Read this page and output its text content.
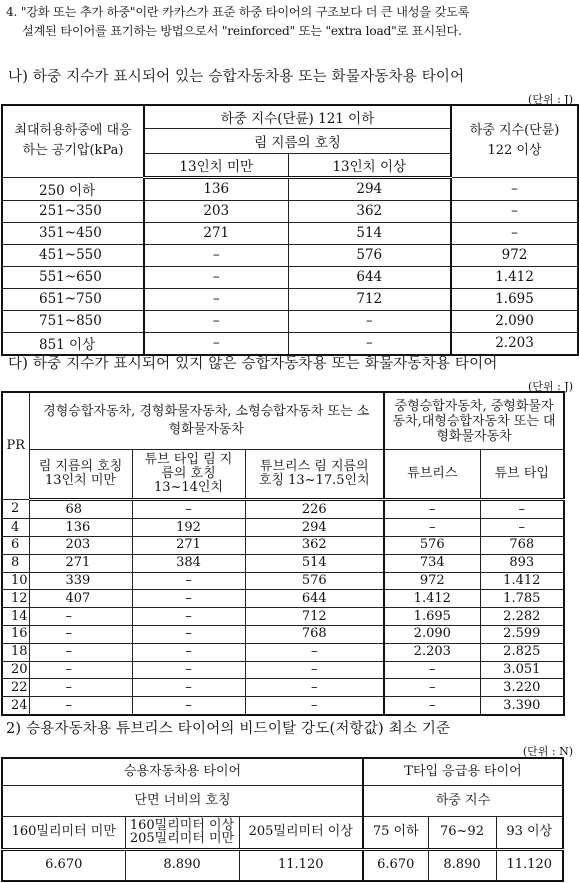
4. "강화 또는 추가 하중"이란 카카스가 표준 하중 타이어의 구조보다 더 큰 내성을 갖도록
설계된 타이어를 표기하는 방법으로서 "reinforced" 또는 "extra load"로 표시된다.
나) 하중 지수가 표시되어 있는 승합자동차용 또는 화물자동차용 타이어
(단위 : J)
최대허용하중에 대응하는 공기압(kPa)	하중 지수(단륜) 121 이하		하중 지수(단륜) 122 이상
	림 지름의 호칭		
	13인치 미만	13인치 이상	
250 이하	136	294	–
251~350	203	362	–
351~450	271	514	–
451~550	–	576	972
551~650	–	644	1.412
651~750	–	712	1.695
751~850	–	–	2.090
851 이상	–	–	2.203
다) 하중 지수가 표시되어 있지 않은 승합자동차용 또는 화물자동차용 타이어
(단위 : J)
PR	경형승합자동차, 경형화물자동차, 소형승합자동차 또는 소형화물자동차			중형승합자동차, 중형화물자동차,대형승합자동차 또는 대형화물자동차	
	림 지름의 호칭 13인치 미만	튜브 타입 림 지름의 호칭 13~14인치	튜브리스 림 지름의 호칭 13~17.5인치	튜브리스	튜브 타입
2	68	–	226	–	–
4	136	192	294	–	–
6	203	271	362	576	768
8	271	384	514	734	893
10	339	–	576	972	1.412
12	407	–	644	1.412	1.785
14	–	–	712	1.695	2.282
16	–	–	768	2.090	2.599
18	–	–	–	2.203	2.825
20	–	–	–	–	3.051
22	–	–	–	–	3.220
24	–	–	–	–	3.390
2) 승용자동차용 튜브리스 타이어의 비드이탈 강도(저항값) 최소 기준
(단위 : N)
승용자동차용 타이어			T타입 응급용 타이어		
단면 너비의 호칭			하중 지수		
160밀리미터 미만	160밀리미터 이상 205밀리미터 미만	205밀리미터 이상	75 이하	76~92	93 이상
6.670	8.890	11.120	6.670	8.890	11.120
